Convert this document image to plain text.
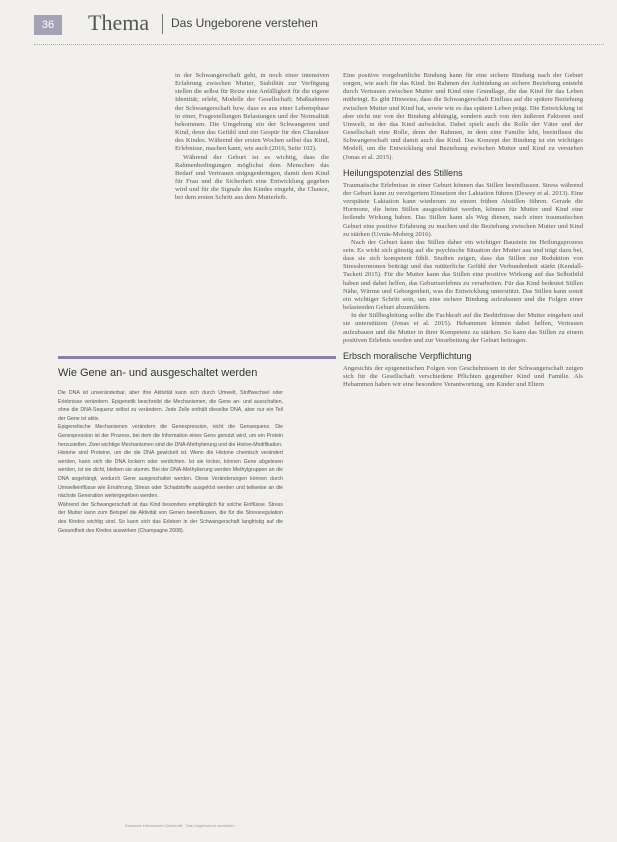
36	Thema Das Ungeborene verstehen

in der Schwangerschaft geht, in noch einer intensiven Erfahrung zwischen Mutter, Stabilität zur Verfügung stellen die selbst für Reize eine Anfälligkeit für die eigene Identität; erlebt, Modelle der Gesellschaft; Maßnahmen der Schwangerschaft bzw. dass es aus einer Lebensphase in einer, Fragestellungen Belastungen und der Normalität bekommen. Die Umgebung ein der Schwangeren und Kind, denn das Gefühl und ein Gespür für den Charakter des Kindes. Während der ersten Wochen selbst das Kind, Erlebnisse, machen kann, wie auch (2016, Seite 102).

Während der Geburt ist es wichtig, dass die Rahmenbedingungen möglichst dem Menschen das Bedarf und Vertrauen entgegenbringen, damit dem Kind für Frau und die Sicherheit eine Entwicklung gegeben wird und für die Signale des Kindes eingeht, die Chance, bei dem ersten Schritt aus dem Mutterleib.

Wie Gene an- und ausgeschaltet werden

Die DNA ist unveränderbar, aber ihre Aktivität kann sich durch Umwelt, Stoffwechsel oder Erlebnisse verändern. Epigenetik beschreibt die Mechanismen, die Gene an- und ausschalten, ohne die DNA-Sequenz selbst zu verändern. Jede Zelle enthält dieselbe DNA, aber nur ein Teil der Gene ist aktiv.

Epigenetische Mechanismen verändern die Genexpression, nicht die Gensequenz. Die Genexpression ist der Prozess, bei dem die Information eines Gens genutzt wird, um ein Protein herzustellen. Zwei wichtige Mechanismen sind die DNA-Methylierung und die Histon-Modifikation.

Histone sind Proteine, um die die DNA gewickelt ist. Wenn die Histone chemisch verändert werden, kann sich die DNA lockern oder verdichten. Ist sie locker, können Gene abgelesen werden, ist sie dicht, bleiben sie stumm. Bei der DNA-Methylierung werden Methylgruppen an die DNA angehängt, wodurch Gene ausgeschaltet werden. Diese Veränderungen können durch Umwelteinflüsse wie Ernährung, Stress oder Schadstoffe ausgelöst werden und teilweise an die nächste Generation weitergegeben werden.

Während der Schwangerschaft ist das Kind besonders empfänglich für solche Einflüsse. Stress der Mutter kann zum Beispiel die Aktivität von Genen beeinflussen, die für die Stressregulation des Kindes wichtig sind. So kann sich das Erleben in der Schwangerschaft langfristig auf die Gesundheit des Kindes auswirken (Champagne 2008).

Eine positive vorgeburtliche Bindung kann für eine sichere Bindung nach der Geburt sorgen, wie auch für das Kind. Im Rahmen der Anbindung an sichere Beziehung entsteht durch Vertrauen zwischen Mutter und Kind eine Grundlage, die das Kind für das Leben mitbringt. Es gibt Hinweise, dass die Schwangerschaft Einfluss auf die spätere Beziehung zwischen Mutter und Kind hat, sowie wie es das spätere Leben prägt. Die Entwicklung ist aber nicht nur von der Bindung abhängig, sondern auch von den äußeren Faktoren und Umwelt, in der das Kind aufwächst. Dabei spielt auch die Rolle der Väter und der Gesellschaft eine Rolle, denn der Rahmen, in dem eine Familie lebt, beeinflusst die Schwangerschaft und damit auch das Kind. Das Konzept der Bindung ist ein wichtiges Modell, um die Entwicklung und Beziehung zwischen Mutter und Kind zu verstehen (Jonas et al. 2015).

Heilungspotenzial des Stillens

Traumatische Erlebnisse in einer Geburt können das Stillen beeinflussen. Stress während der Geburt kann zu verzögertem Einsetzen der Laktation führen (Dewey et al. 2013). Eine verspätete Laktation kann wiederum zu einem frühen Abstillen führen. Gerade die Hormone, die beim Stillen ausgeschüttet werden, können für Mutter und Kind eine heilende Wirkung haben. Das Stillen kann als Weg dienen, nach einer traumatischen Geburt eine positive Erfahrung zu machen und die Beziehung zwischen Mutter und Kind zu stärken (Uvnäs-Moberg 2016).

Nach der Geburt kann das Stillen daher ein wichtiger Baustein im Heilungsprozess sein. Es wirkt sich günstig auf die psychische Situation der Mutter aus und trägt dazu bei, dass sie sich kompetent fühlt. Studien zeigen, dass das Stillen zur Reduktion von Stresshormonen beiträgt und das mütterliche Gefühl der Verbundenheit stärkt (Kendall-Tackett 2015). Für die Mutter kann das Stillen eine positive Wirkung auf das Selbstbild haben und dabei helfen, das Geburtserlebnis zu verarbeiten. Für das Kind bedeutet Stillen Nähe, Wärme und Geborgenheit, was die Entwicklung unterstützt. Das Stillen kann somit ein wichtiger Schritt sein, um eine sichere Bindung aufzubauen und die Folgen einer belastenden Geburt abzumildern.

In der Stillbegleitung sollte die Fachkraft auf die Bedürfnisse der Mutter eingehen und sie unterstützen (Jonas et al. 2015). Hebammen können dabei helfen, Vertrauen aufzubauen und die Mutter in ihrer Kompetenz zu stärken. So kann das Stillen zu einem positiven Erlebnis werden und zur Verarbeitung der Geburt beitragen.

Erbsch moralische Verpflichtung

Angesichts der epigenetischen Folgen von Geschehnissen in der Schwangerschaft zeigen sich für die Gesellschaft verschiedene Pflichten gegenüber Kind und Familie. Als Hebammen haben wir eine besondere Verantwortung, um Kinder und Eltern

Deutsche Hebammen Zeitschrift · Das Ungeborene verstehen
